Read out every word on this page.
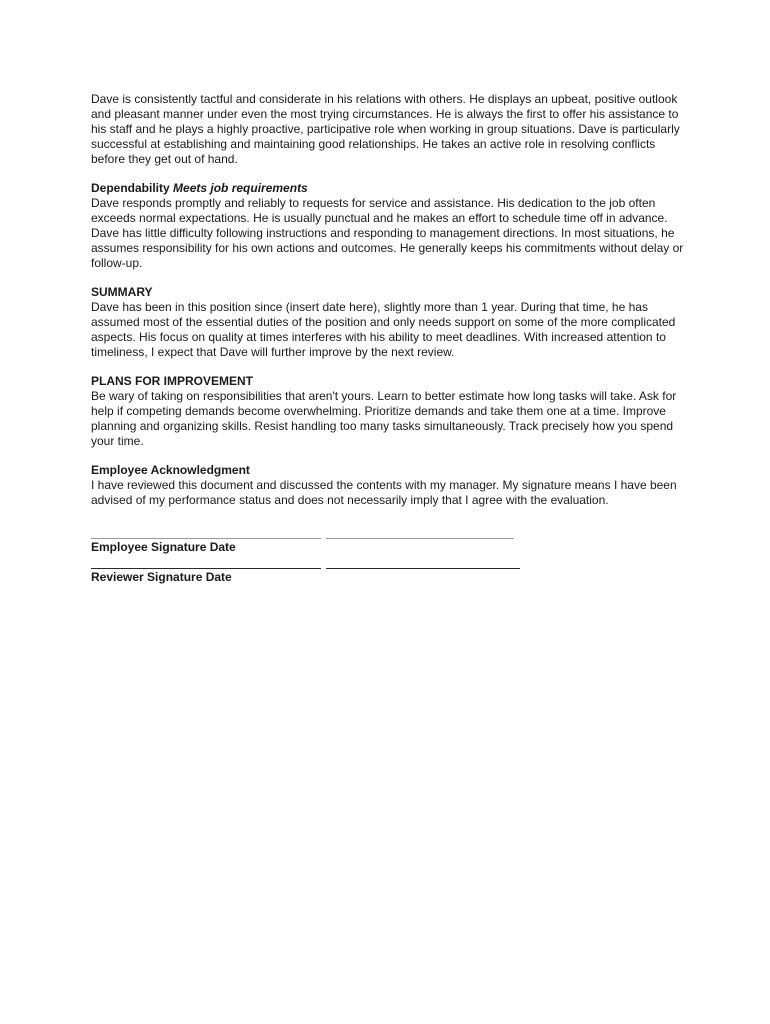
Dave is consistently tactful and considerate in his relations with others. He displays an upbeat, positive outlook and pleasant manner under even the most trying circumstances. He is always the first to offer his assistance to his staff and he plays a highly proactive, participative role when working in group situations. Dave is particularly successful at establishing and maintaining good relationships. He takes an active role in resolving conflicts before they get out of hand.

Dependability Meets job requirements

Dave responds promptly and reliably to requests for service and assistance. His dedication to the job often exceeds normal expectations. He is usually punctual and he makes an effort to schedule time off in advance. Dave has little difficulty following instructions and responding to management directions. In most situations, he assumes responsibility for his own actions and outcomes. He generally keeps his commitments without delay or follow-up.

SUMMARY

Dave has been in this position since (insert date here), slightly more than 1 year. During that time, he has assumed most of the essential duties of the position and only needs support on some of the more complicated aspects. His focus on quality at times interferes with his ability to meet deadlines. With increased attention to timeliness, I expect that Dave will further improve by the next review.

PLANS FOR IMPROVEMENT

Be wary of taking on responsibilities that aren't yours. Learn to better estimate how long tasks will take. Ask for help if competing demands become overwhelming. Prioritize demands and take them one at a time. Improve planning and organizing skills. Resist handling too many tasks simultaneously. Track precisely how you spend your time.

Employee Acknowledgment

I have reviewed this document and discussed the contents with my manager. My signature means I have been advised of my performance status and does not necessarily imply that I agree with the evaluation.

Employee Signature Date

Reviewer Signature Date
